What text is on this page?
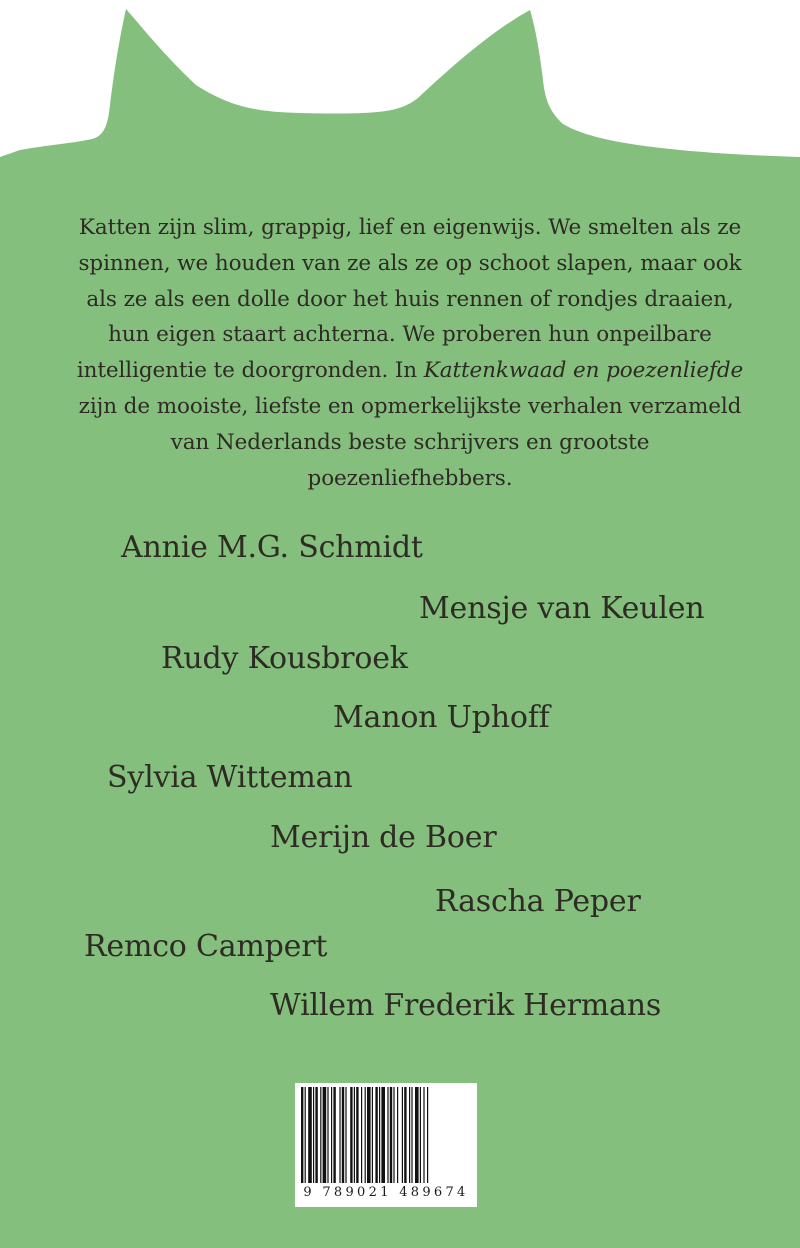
Katten zijn slim, grappig, lief en eigenwijs. We smelten als ze spinnen, we houden van ze als ze op schoot slapen, maar ook als ze als een dolle door het huis rennen of rondjes draaien, hun eigen staart achterna. We proberen hun onpeilbare intelligentie te doorgronden. In Kattenkwaad en poezenliefde zijn de mooiste, liefste en opmerkelijkste verhalen verzameld van Nederlands beste schrijvers en grootste poezenliefhebbers.

Annie M.G. Schmidt

Mensje van Keulen

Rudy Kousbroek

Manon Uphoff

Sylvia Witteman

Merijn de Boer

Rascha Peper

Remco Campert

Willem Frederik Hermans

9 789021 489674
